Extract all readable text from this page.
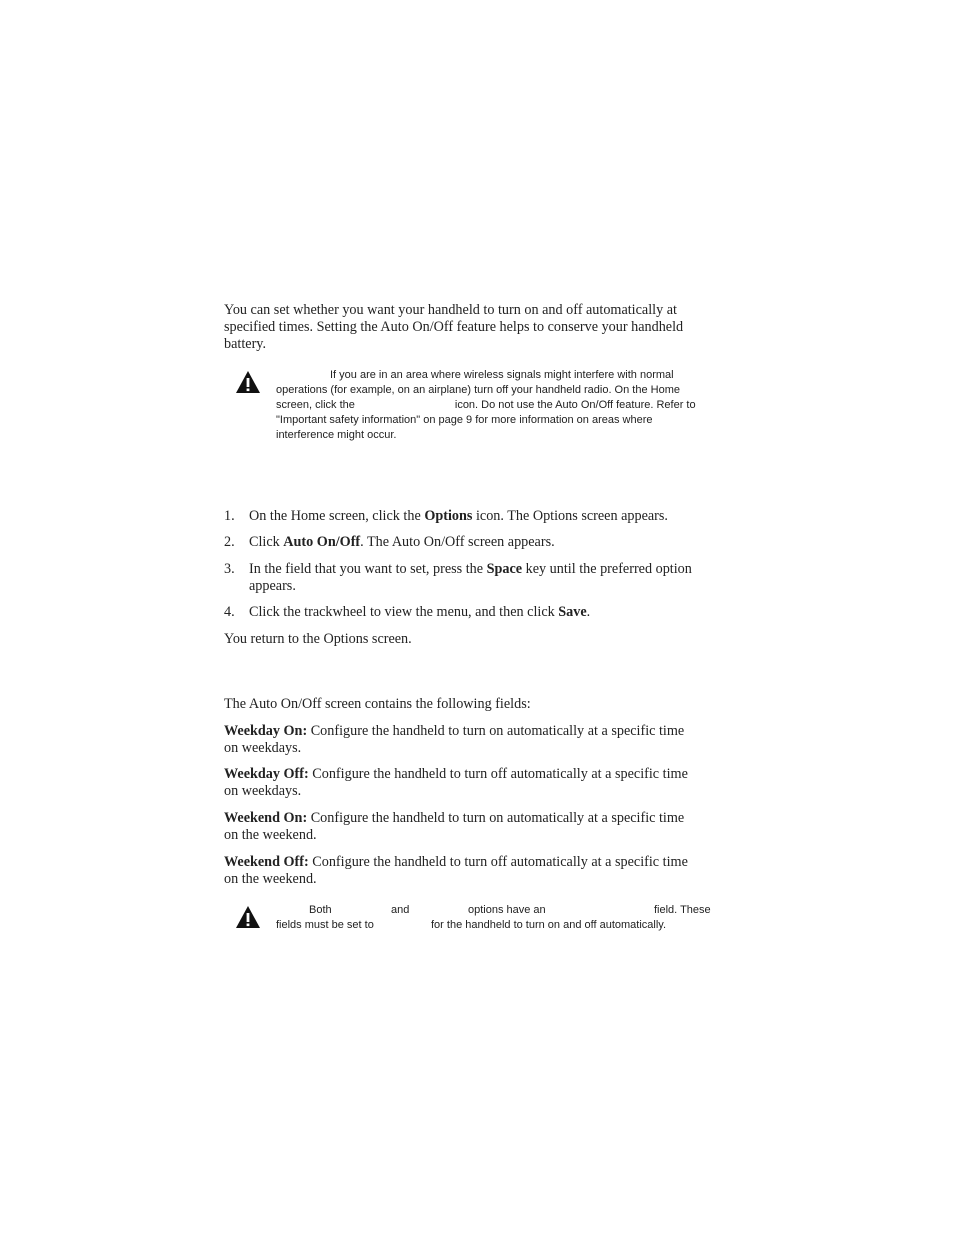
You can set whether you want your handheld to turn on and off automatically at
specified times. Setting the Auto On/Off feature helps to conserve your handheld
battery.
If you are in an area where wireless signals might interfere with normal
operations (for example, on an airplane) turn off your handheld radio. On the Home
screen, click the	icon. Do not use the Auto On/Off feature. Refer to
"Important safety information" on page 9 for more information on areas where
interference might occur.
1. On the Home screen, click the Options icon. The Options screen appears.
2. Click Auto On/Off. The Auto On/Off screen appears.
3. In the field that you want to set, press the Space key until the preferred option
appears.
4. Click the trackwheel to view the menu, and then click Save.
You return to the Options screen.
The Auto On/Off screen contains the following fields:
Weekday On: Configure the handheld to turn on automatically at a specific time
on weekdays.
Weekday Off: Configure the handheld to turn off automatically at a specific time
on weekdays.
Weekend On: Configure the handheld to turn on automatically at a specific time
on the weekend.
Weekend Off: Configure the handheld to turn off automatically at a specific time
on the weekend.
Both	and	options have an	field. These
fields must be set to	for the handheld to turn on and off automatically.
